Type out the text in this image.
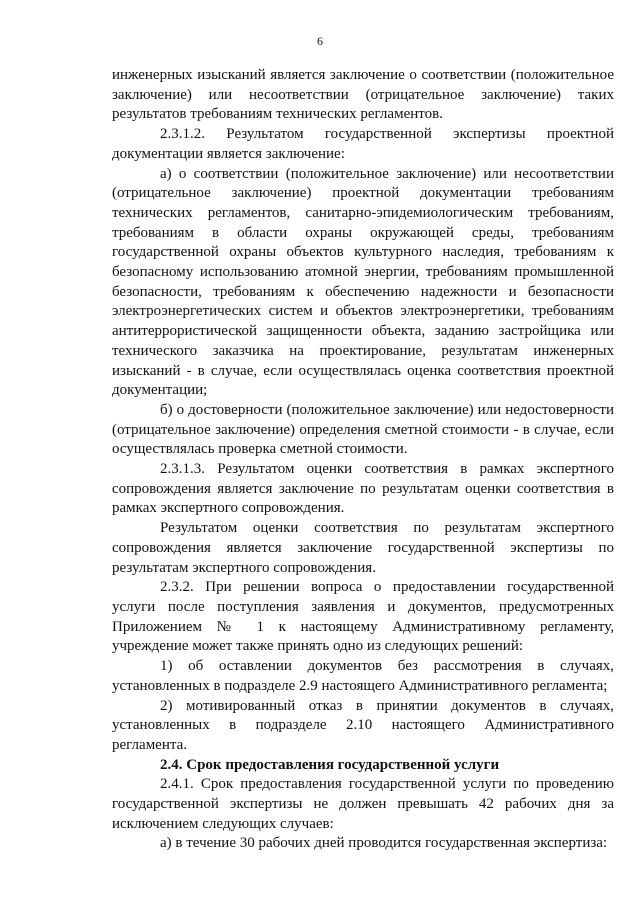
6

инженерных изысканий является заключение о соответствии (положительное заключение) или несоответствии (отрицательное заключение) таких результатов требованиям технических регламентов.

2.3.1.2. Результатом государственной экспертизы проектной документации является заключение:

а) о соответствии (положительное заключение) или несоответствии (отрицательное заключение) проектной документации требованиям технических регламентов, санитарно-эпидемиологическим требованиям, требованиям в области охраны окружающей среды, требованиям государственной охраны объектов культурного наследия, требованиям к безопасному использованию атомной энергии, требованиям промышленной безопасности, требованиям к обеспечению надежности и безопасности электроэнергетических систем и объектов электроэнергетики, требованиям антитеррористической защищенности объекта, заданию застройщика или технического заказчика на проектирование, результатам инженерных изысканий - в случае, если осуществлялась оценка соответствия проектной документации;

б) о достоверности (положительное заключение) или недостоверности (отрицательное заключение) определения сметной стоимости - в случае, если осуществлялась проверка сметной стоимости.

2.3.1.3. Результатом оценки соответствия в рамках экспертного сопровождения является заключение по результатам оценки соответствия в рамках экспертного сопровождения.

Результатом оценки соответствия по результатам экспертного сопровождения является заключение государственной экспертизы по результатам экспертного сопровождения.

2.3.2. При решении вопроса о предоставлении государственной услуги после поступления заявления и документов, предусмотренных Приложением № 1 к настоящему Административному регламенту, учреждение может также принять одно из следующих решений:

1) об оставлении документов без рассмотрения в случаях, установленных в подразделе 2.9 настоящего Административного регламента;

2) мотивированный отказ в принятии документов в случаях, установленных в подразделе 2.10 настоящего Административного регламента.

2.4. Срок предоставления государственной услуги

2.4.1. Срок предоставления государственной услуги по проведению государственной экспертизы не должен превышать 42 рабочих дня за исключением следующих случаев:

а) в течение 30 рабочих дней проводится государственная экспертиза:
